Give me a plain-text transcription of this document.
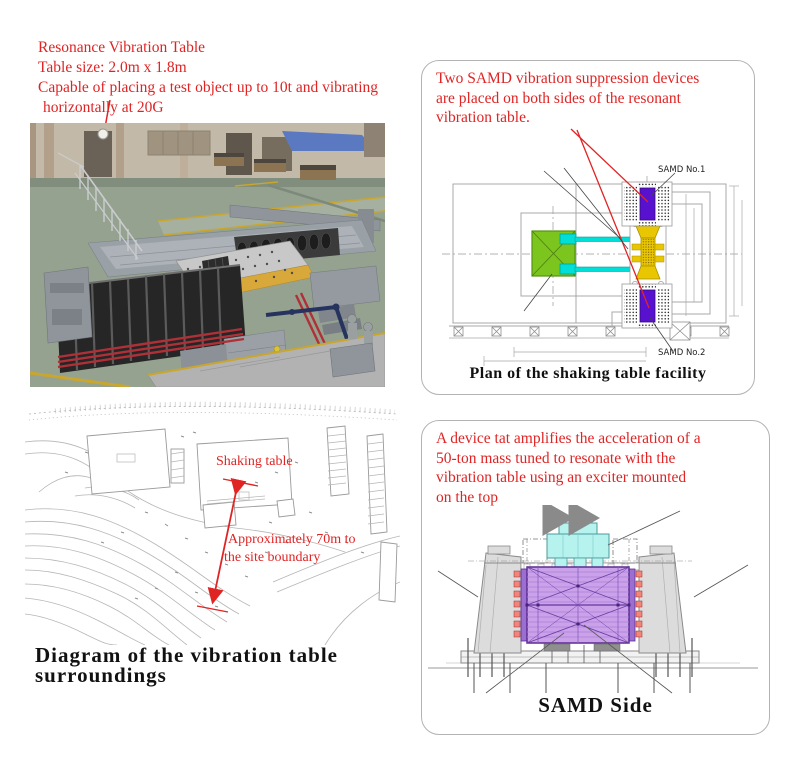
Resonance Vibration Table
Table size: 2.0m x 1.8m
Capable of placing a test object up to 10t and vibrating
horizontally at 20G
Two SAMD vibration suppression devices
are placed on both sides of the resonant
vibration table.
SAMD No.1
SAMD No.2
Plan of the shaking table facility
Shaking table
Approximately 70m to
the site boundary
Diagram of the vibration table
surroundings
A device tat amplifies the acceleration of a
50-ton mass tuned to resonate with the
vibration table using an exciter mounted
on the top
SAMD Side
